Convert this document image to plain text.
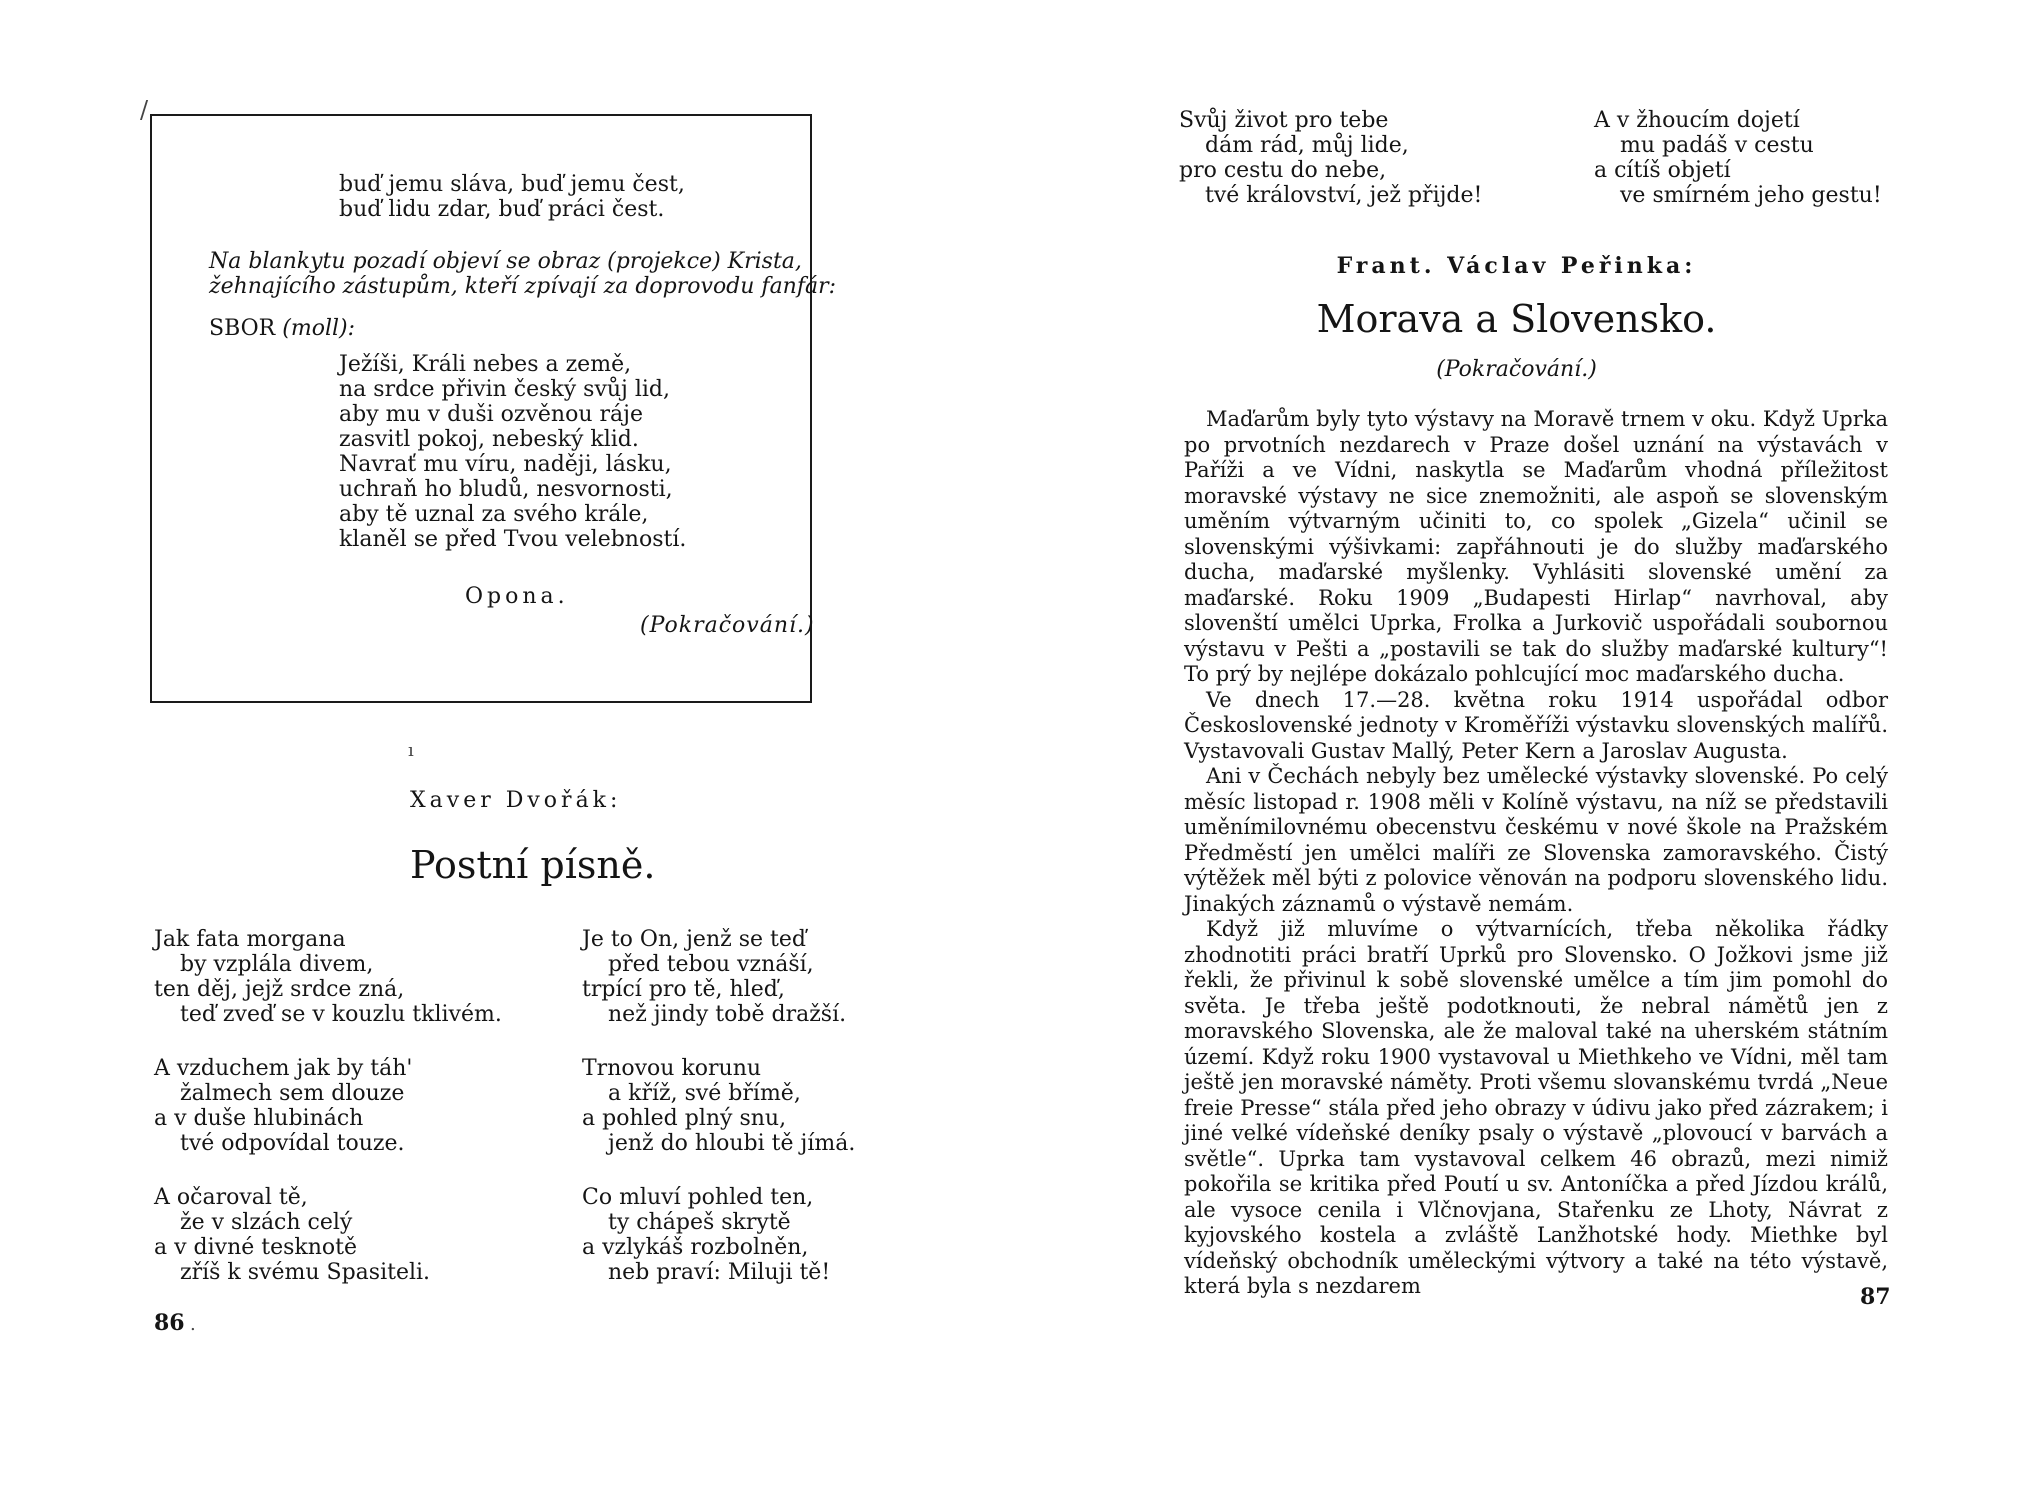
/
buď jemu sláva, buď jemu čest,
buď lidu zdar, buď práci čest.
Na blankytu pozadí objeví se obraz (projekce) Krista,
žehnajícího zástupům, kteří zpívají za doprovodu fanfár:
SBOR (moll):
Ježíši, Králi nebes a země,
na srdce přivin český svůj lid,
aby mu v duši ozvěnou ráje
zasvitl pokoj, nebeský klid.
Navrať mu víru, naději, lásku,
uchraň ho bludů, nesvornosti,
aby tě uznal za svého krále,
klaněl se před Tvou velebností.
Opona.
(Pokračování.)
ı
Xaver Dvořák:
Postní písně.
Jak fata morgana
by vzplála divem,
ten děj, jejž srdce zná,
teď zveď se v kouzlu tklivém.
A vzduchem jak by táh'
žalmech sem dlouze
a v duše hlubinách
tvé odpovídal touze.
A očaroval tě,
že v slzách celý
a v divné tesknotě
zříš k svému Spasiteli.
Je to On, jenž se teď
před tebou vznáší,
trpící pro tě, hleď,
než jindy tobě dražší.
Trnovou korunu
a kříž, své břímě,
a pohled plný snu,
jenž do hloubi tě jímá.
Co mluví pohled ten,
ty chápeš skrytě
a vzlykáš rozbolněn,
neb praví: Miluji tě!
86 .
Svůj život pro tebe
dám rád, můj lide,
pro cestu do nebe,
tvé království, jež přijde!
A v žhoucím dojetí
mu padáš v cestu
a cítíš objetí
ve smírném jeho gestu!
Frant. Václav Peřinka:
Morava a Slovensko.
(Pokračování.)

Maďarům byly tyto výstavy na Moravě trnem v oku. Když Uprka po prvotních nezdarech v Praze došel uznání na výstavách v Paříži a ve Vídni, naskytla se Maďarům vhodná příležitost moravské výstavy ne sice znemožniti, ale aspoň se slovenským uměním výtvarným učiniti to, co spolek „Gizela“ učinil se slovenskými výšivkami: zapřáhnouti je do služby maďarského ducha, maďarské myšlenky. Vyhlásiti slovenské umění za maďarské. Roku 1909 „Budapesti Hirlap“ navrhoval, aby slovenští umělci Uprka, Frolka a Jurkovič uspořádali soubornou výstavu v Pešti a „postavili se tak do služby maďarské kultury“! To prý by nejlépe dokázalo pohlcující moc maďarského ducha.

Ve dnech 17.—28. května roku 1914 uspořádal odbor Československé jednoty v Kroměříži výstavku slovenských malířů. Vystavovali Gustav Mallý, Peter Kern a Jaroslav Augusta.

Ani v Čechách nebyly bez umělecké výstavky slovenské. Po celý měsíc listopad r. 1908 měli v Kolíně výstavu, na níž se představili uměnímilovnému obecenstvu českému v nové škole na Pražském Předměstí jen umělci malíři ze Slovenska zamoravského. Čistý výtěžek měl býti z polovice věnován na podporu slovenského lidu. Jinakých záznamů o výstavě nemám.

Když již mluvíme o výtvarnících, třeba několika řádky zhodnotiti práci bratří Uprků pro Slovensko. O Jožkovi jsme již řekli, že přivinul k sobě slovenské umělce a tím jim pomohl do světa. Je třeba ještě podotknouti, že nebral námětů jen z moravského Slovenska, ale že maloval také na uherském státním území. Když roku 1900 vystavoval u Miethkeho ve Vídni, měl tam ještě jen moravské náměty. Proti všemu slovanskému tvrdá „Neue freie Presse“ stála před jeho obrazy v údivu jako před zázrakem; i jiné velké vídeňské deníky psaly o výstavě „plovoucí v barvách a světle“. Uprka tam vystavoval celkem 46 obrazů, mezi nimiž pokořila se kritika před Poutí u sv. Antoníčka a před Jízdou králů, ale vysoce cenila i Vlčnovjana, Stařenku ze Lhoty, Návrat z kyjovského kostela a zvláště Lanžhotské hody. Miethke byl vídeňský obchodník uměleckými výtvory a také na této výstavě, která byla s nezdarem	87
